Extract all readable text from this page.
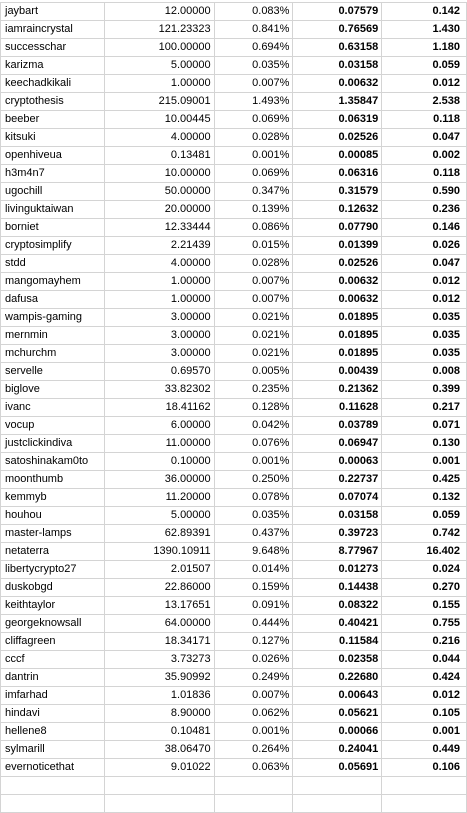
jaybart	12.00000	0.083%	0.07579	0.142
iamraincrystal	121.23323	0.841%	0.76569	1.430
successchar	100.00000	0.694%	0.63158	1.180
karizma	5.00000	0.035%	0.03158	0.059
keechadkikali	1.00000	0.007%	0.00632	0.012
cryptothesis	215.09001	1.493%	1.35847	2.538
beeber	10.00445	0.069%	0.06319	0.118
kitsuki	4.00000	0.028%	0.02526	0.047
openhiveua	0.13481	0.001%	0.00085	0.002
h3m4n7	10.00000	0.069%	0.06316	0.118
ugochill	50.00000	0.347%	0.31579	0.590
livinguktaiwan	20.00000	0.139%	0.12632	0.236
borniet	12.33444	0.086%	0.07790	0.146
cryptosimplify	2.21439	0.015%	0.01399	0.026
stdd	4.00000	0.028%	0.02526	0.047
mangomayhem	1.00000	0.007%	0.00632	0.012
dafusa	1.00000	0.007%	0.00632	0.012
wampis-gaming	3.00000	0.021%	0.01895	0.035
mernmin	3.00000	0.021%	0.01895	0.035
mchurchm	3.00000	0.021%	0.01895	0.035
servelle	0.69570	0.005%	0.00439	0.008
biglove	33.82302	0.235%	0.21362	0.399
ivanc	18.41162	0.128%	0.11628	0.217
vocup	6.00000	0.042%	0.03789	0.071
justclickindiva	11.00000	0.076%	0.06947	0.130
satoshinakam0to	0.10000	0.001%	0.00063	0.001
moonthumb	36.00000	0.250%	0.22737	0.425
kemmyb	11.20000	0.078%	0.07074	0.132
houhou	5.00000	0.035%	0.03158	0.059
master-lamps	62.89391	0.437%	0.39723	0.742
netaterra	1390.10911	9.648%	8.77967	16.402
libertycrypto27	2.01507	0.014%	0.01273	0.024
duskobgd	22.86000	0.159%	0.14438	0.270
keithtaylor	13.17651	0.091%	0.08322	0.155
georgeknowsall	64.00000	0.444%	0.40421	0.755
cliffagreen	18.34171	0.127%	0.11584	0.216
cccf	3.73273	0.026%	0.02358	0.044
dantrin	35.90992	0.249%	0.22680	0.424
imfarhad	1.01836	0.007%	0.00643	0.012
hindavi	8.90000	0.062%	0.05621	0.105
hellene8	0.10481	0.001%	0.00066	0.001
sylmarill	38.06470	0.264%	0.24041	0.449
evernoticethat	9.01022	0.063%	0.05691	0.106
